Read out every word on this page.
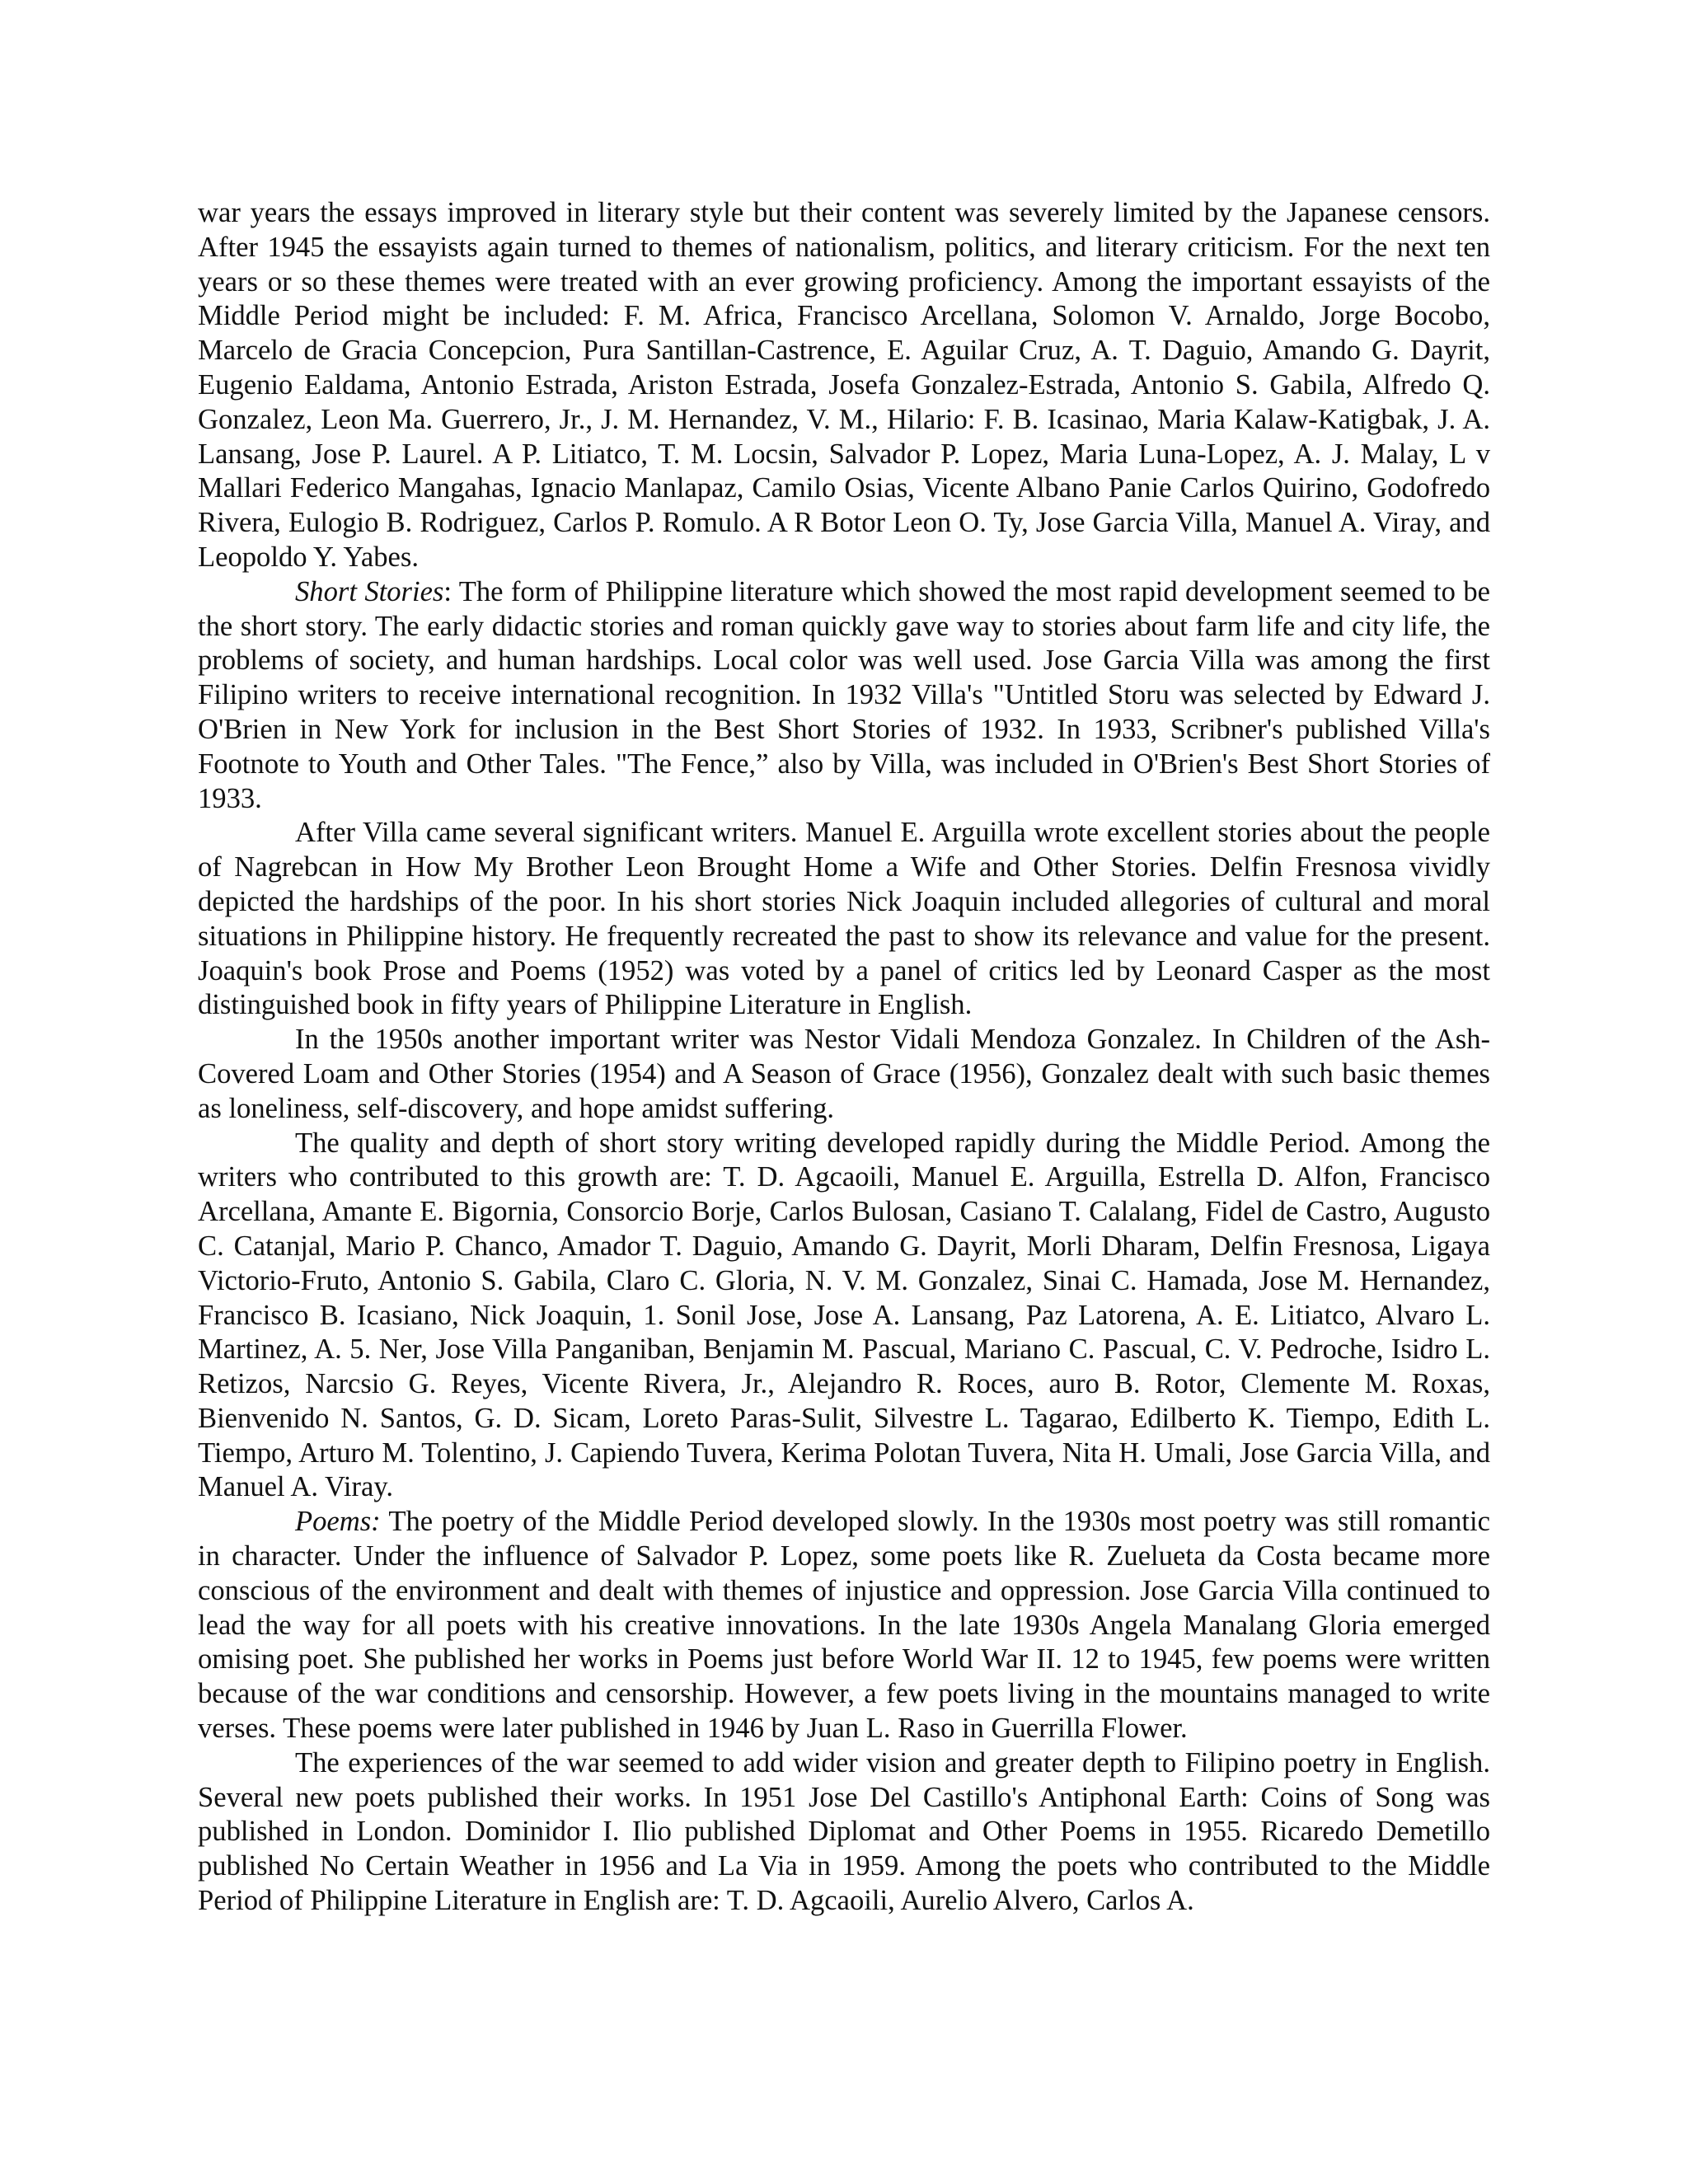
war years the essays improved in literary style but their content was severely limited by the Japanese censors. After 1945 the essayists again turned to themes of nationalism, politics, and literary criticism. For the next ten years or so these themes were treated with an ever growing proficiency. Among the important essayists of the Middle Period might be included: F. M. Africa, Francisco Arcellana, Solomon V. Arnaldo, Jorge Bocobo, Marcelo de Gracia Concepcion, Pura Santillan-Castrence, E. Aguilar Cruz, A. T. Daguio, Amando G. Dayrit, Eugenio Ealdama, Antonio Estrada, Ariston Estrada, Josefa Gonzalez-Estrada, Antonio S. Gabila, Alfredo Q. Gonzalez, Leon Ma. Guerrero, Jr., J. M. Hernandez, V. M., Hilario: F. B. Icasinao, Maria Kalaw-Katigbak, J. A. Lansang, Jose P. Laurel. A P. Litiatco, T. M. Locsin, Salvador P. Lopez, Maria Luna-Lopez, A. J. Malay, L v Mallari Federico Mangahas, Ignacio Manlapaz, Camilo Osias, Vicente Albano Panie Carlos Quirino, Godofredo Rivera, Eulogio B. Rodriguez, Carlos P. Romulo. A R Botor Leon O. Ty, Jose Garcia Villa, Manuel A. Viray, and Leopoldo Y. Yabes.

Short Stories: The form of Philippine literature which showed the most rapid development seemed to be the short story. The early didactic stories and roman quickly gave way to stories about farm life and city life, the problems of society, and human hardships. Local color was well used. Jose Garcia Villa was among the first Filipino writers to receive international recognition. In 1932 Villa's "Untitled Storu was selected by Edward J. O'Brien in New York for inclusion in the Best Short Stories of 1932. In 1933, Scribner's published Villa's Footnote to Youth and Other Tales. "The Fence,” also by Villa, was included in O'Brien's Best Short Stories of 1933.

After Villa came several significant writers. Manuel E. Arguilla wrote excellent stories about the people of Nagrebcan in How My Brother Leon Brought Home a Wife and Other Stories. Delfin Fresnosa vividly depicted the hardships of the poor. In his short stories Nick Joaquin included allegories of cultural and moral situations in Philippine history. He frequently recreated the past to show its relevance and value for the present. Joaquin's book Prose and Poems (1952) was voted by a panel of critics led by Leonard Casper as the most distinguished book in fifty years of Philippine Literature in English.

In the 1950s another important writer was Nestor Vidali Mendoza Gonzalez. In Children of the Ash-Covered Loam and Other Stories (1954) and A Season of Grace (1956), Gonzalez dealt with such basic themes as loneliness, self-discovery, and hope amidst suffering.

The quality and depth of short story writing developed rapidly during the Middle Period. Among the writers who contributed to this growth are: T. D. Agcaoili, Manuel E. Arguilla, Estrella D. Alfon, Francisco Arcellana, Amante E. Bigornia, Consorcio Borje, Carlos Bulosan, Casiano T. Calalang, Fidel de Castro, Augusto C. Catanjal, Mario P. Chanco, Amador T. Daguio, Amando G. Dayrit, Morli Dharam, Delfin Fresnosa, Ligaya Victorio-Fruto, Antonio S. Gabila, Claro C. Gloria, N. V. M. Gonzalez, Sinai C. Hamada, Jose M. Hernandez, Francisco B. Icasiano, Nick Joaquin, 1. Sonil Jose, Jose A. Lansang, Paz Latorena, A. E. Litiatco, Alvaro L. Martinez, A. 5. Ner, Jose Villa Panganiban, Benjamin M. Pascual, Mariano C. Pascual, C. V. Pedroche, Isidro L. Retizos, Narcsio G. Reyes, Vicente Rivera, Jr., Alejandro R. Roces, auro B. Rotor, Clemente M. Roxas, Bienvenido N. Santos, G. D. Sicam, Loreto Paras-Sulit, Silvestre L. Tagarao, Edilberto K. Tiempo, Edith L. Tiempo, Arturo M. Tolentino, J. Capiendo Tuvera, Kerima Polotan Tuvera, Nita H. Umali, Jose Garcia Villa, and Manuel A. Viray.

Poems: The poetry of the Middle Period developed slowly. In the 1930s most poetry was still romantic in character. Under the influence of Salvador P. Lopez, some poets like R. Zuelueta da Costa became more conscious of the environment and dealt with themes of injustice and oppression. Jose Garcia Villa continued to lead the way for all poets with his creative innovations. In the late 1930s Angela Manalang Gloria emerged omising poet. She published her works in Poems just before World War II. 12 to 1945, few poems were written because of the war conditions and censorship. However, a few poets living in the mountains managed to write verses. These poems were later published in 1946 by Juan L. Raso in Guerrilla Flower.

The experiences of the war seemed to add wider vision and greater depth to Filipino poetry in English. Several new poets published their works. In 1951 Jose Del Castillo's Antiphonal Earth: Coins of Song was published in London. Dominidor I. Ilio published Diplomat and Other Poems in 1955. Ricaredo Demetillo published No Certain Weather in 1956 and La Via in 1959. Among the poets who contributed to the Middle Period of Philippine Literature in English are: T. D. Agcaoili, Aurelio Alvero, Carlos A.
